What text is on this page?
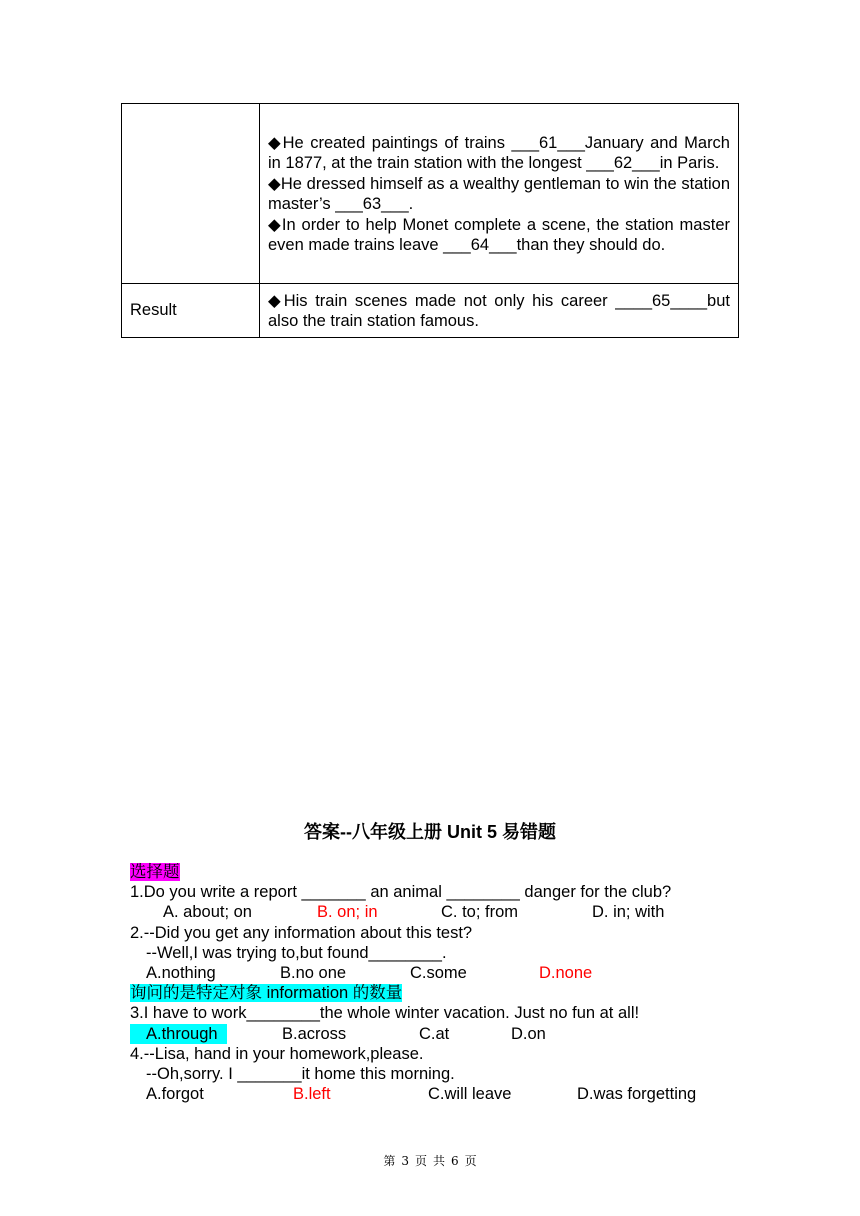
	◆He created paintings of trains ___61___January and March in 1877, at the train station with the longest ___62___in Paris.

◆He dressed himself as a wealthy gentleman to win the station master’s ___63___.

◆In order to help Monet complete a scene, the station master even made trains leave ___64___than they should do.

Result	◆His train scenes made not only his career ____65____but also the train station famous.

答案--八年级上册 Unit 5 易错题
选择题
1.Do you write a report _______ an animal ________ danger for the club?
A. about; on	B. on; in	C. to; from	D. in; with
2.--Did you get any information about this test?
--Well,I was trying to,but found________.
A.nothing	B.no one	C.some	D.none
询问的是特定对象 information 的数量
3.I have to work________the whole winter vacation. Just no fun at all!
A.through	B.across	C.at	D.on
4.--Lisa, hand in your homework,please.
--Oh,sorry. I _______it home this morning.
A.forgot	B.left	C.will leave	D.was forgetting
第 3 页 共 6 页
